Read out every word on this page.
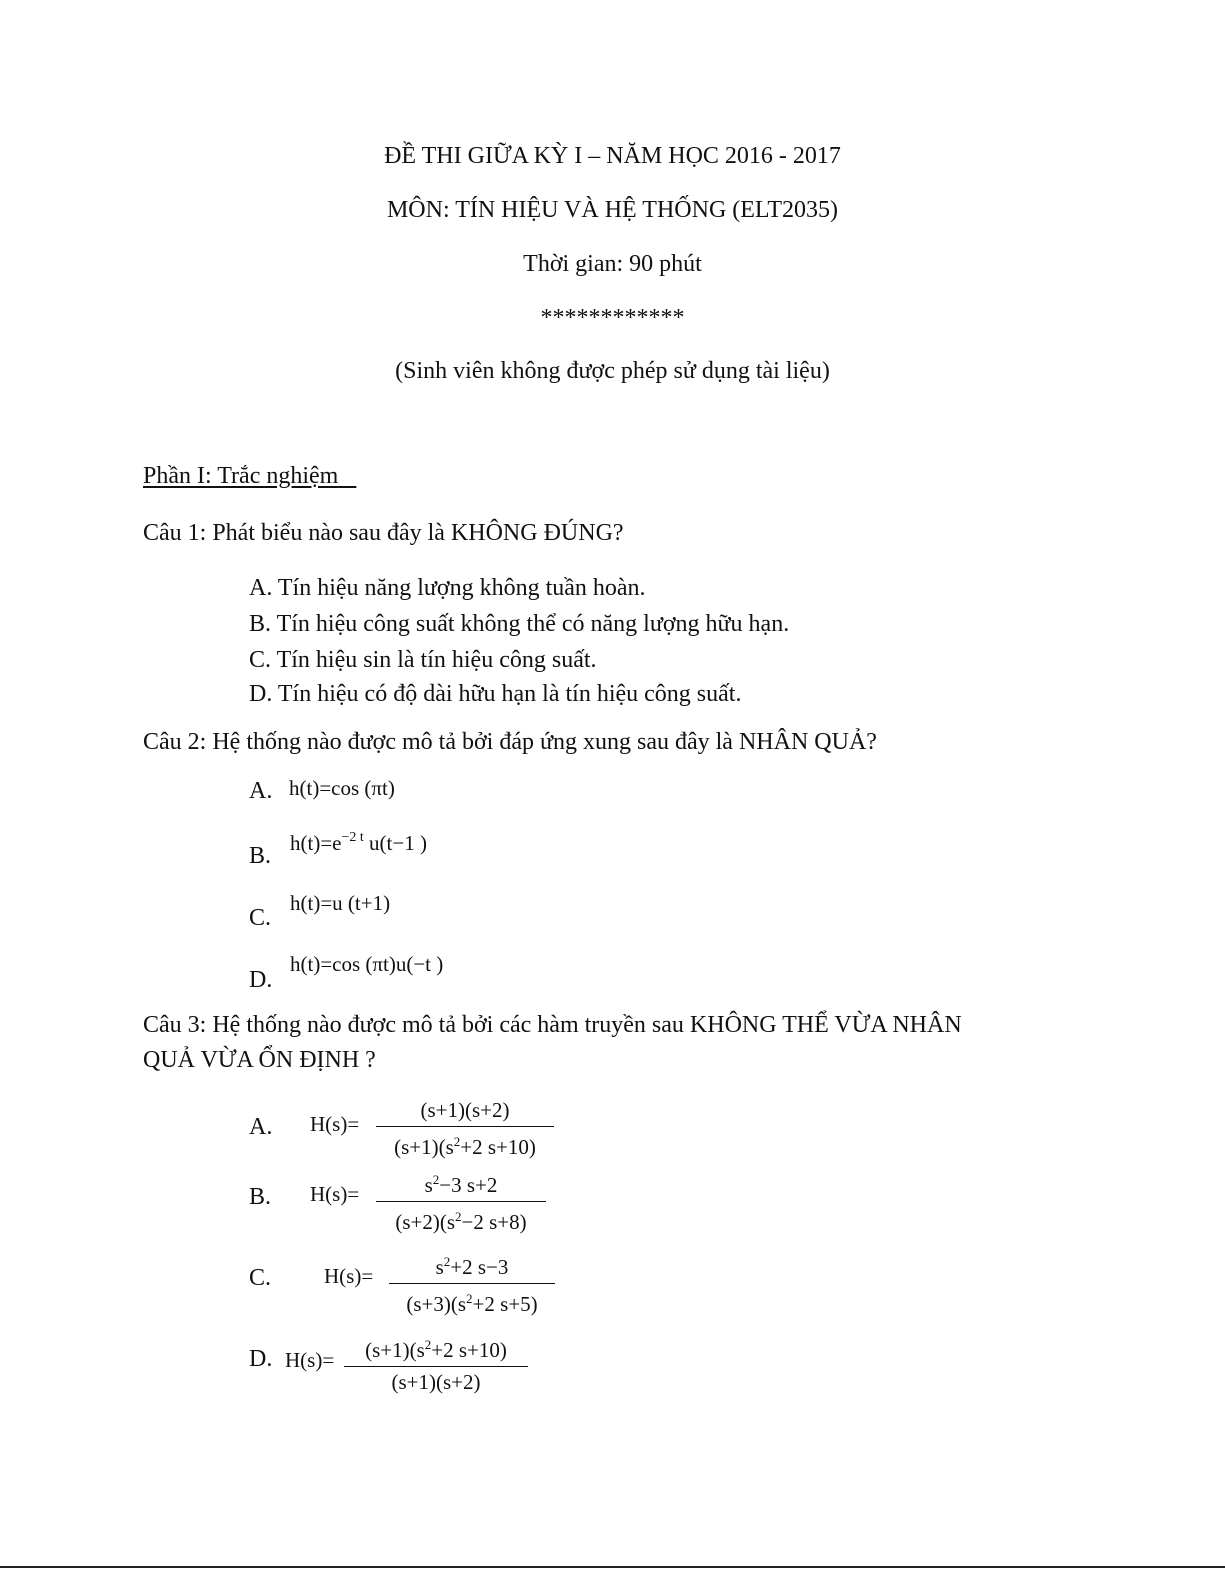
ĐỀ THI GIỮA KỲ I – NĂM HỌC 2016 - 2017
MÔN: TÍN HIỆU VÀ HỆ THỐNG (ELT2035)
Thời gian: 90 phút
************
(Sinh viên không được phép sử dụng tài liệu)
Phần I: Trắc nghiệm
Câu 1: Phát biểu nào sau đây là KHÔNG ĐÚNG?
A. Tín hiệu năng lượng không tuần hoàn.
B. Tín hiệu công suất không thể có năng lượng hữu hạn.
C. Tín hiệu sin là tín hiệu công suất.
D. Tín hiệu có độ dài hữu hạn là tín hiệu công suất.
Câu 2: Hệ thống nào được mô tả bởi đáp ứng xung sau đây là NHÂN QUẢ?
A. h(t)=cos (πt)
B. $h(t)=e^{-2 t}$ u(t−1 )
C.
h(t)=u (t+1)
D.
h(t)=cos (πt)u(−t )
Câu 3: Hệ thống nào được mô tả bởi các hàm truyền sau KHÔNG THỂ VỪA NHÂN
QUẢ VỪA ỔN ĐỊNH ?
A. H(s)=
(s+1)(s+2)
$(s+1)(s^2+2$ s+10)
B. H(s)=	$s^2-3$ s+2
$(s+2)(s^2-2$ s+8)
C.	H(s)=	$s^2+2$ s−3
$(s+3)(s^2+2$ s+5)
D. H(s)=	$(s+1)(s^2+2$ s+10)
(s+1)(s+2)
